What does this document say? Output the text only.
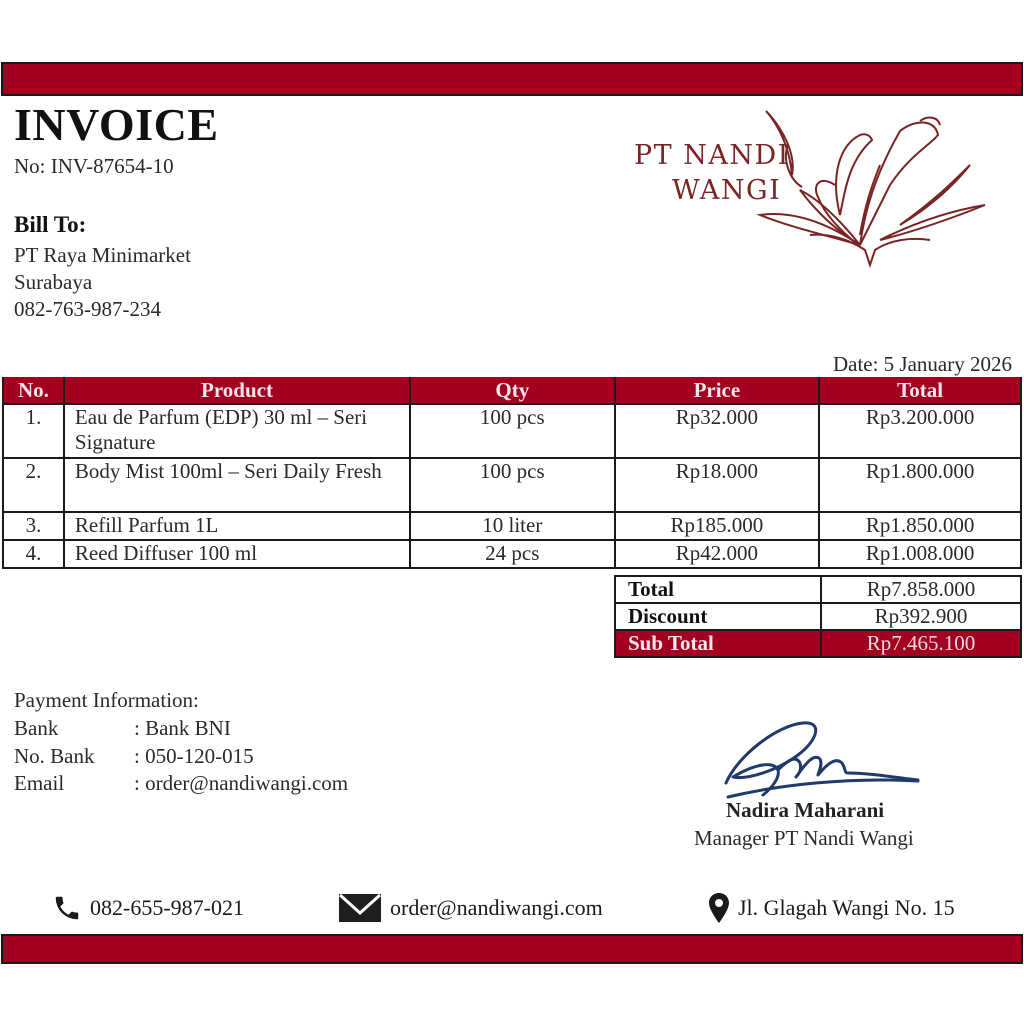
INVOICE
No: INV-87654-10
Bill To:
PT Raya Minimarket
Surabaya
082-763-987-234
PT NANDI
WANGI
Date: 5 January 2026
No.	Product	Qty	Price	Total
1.	Eau de Parfum (EDP) 30 ml – Seri Signature	100 pcs	Rp32.000	Rp3.200.000
2.	Body Mist 100ml – Seri Daily Fresh	100 pcs	Rp18.000	Rp1.800.000
3.	Refill Parfum 1L	10 liter	Rp185.000	Rp1.850.000
4.	Reed Diffuser 100 ml	24 pcs	Rp42.000	Rp1.008.000
Total	Rp7.858.000
Discount	Rp392.900
Sub Total	Rp7.465.100
Payment Information:
Bank	: Bank BNI
No. Bank : 050-120-015
Email	: order@nandiwangi.com
Nadira Maharani
Manager PT Nandi Wangi
082-655-987-021	order@nandiwangi.com	Jl. Glagah Wangi No. 15
